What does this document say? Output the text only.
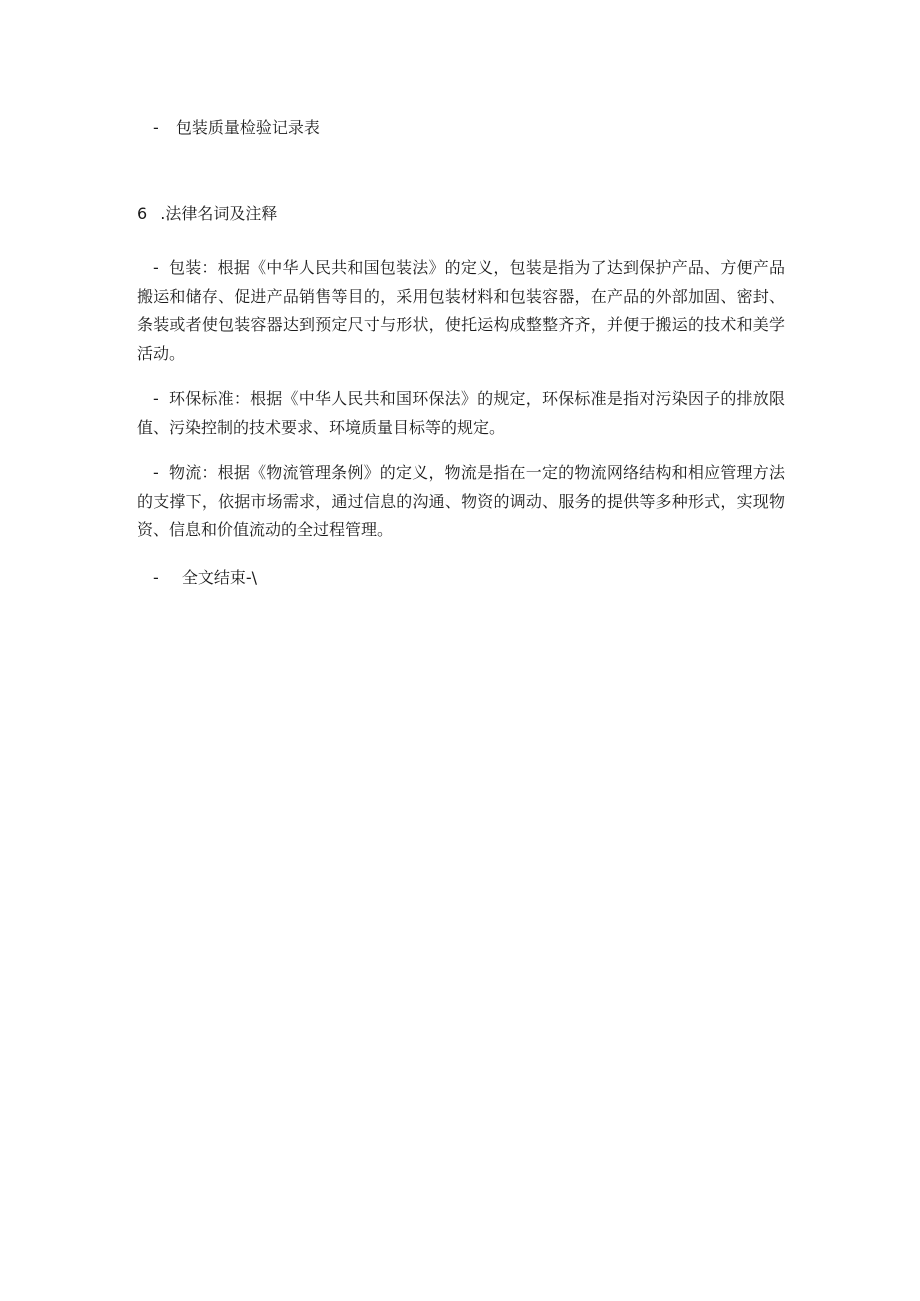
- 包装质量检验记录表
6 .法律名词及注释
- 包装：根据《中华人民共和国包装法》的定义，包装是指为了达到保护产品、方便产品搬运和储存、促进产品销售等目的，采用包装材料和包装容器，在产品的外部加固、密封、条装或者使包装容器达到预定尺寸与形状，使托运构成整整齐齐，并便于搬运的技术和美学活动。
- 环保标准：根据《中华人民共和国环保法》的规定，环保标准是指对污染因子的排放限值、污染控制的技术要求、环境质量目标等的规定。
- 物流：根据《物流管理条例》的定义，物流是指在一定的物流网络结构和相应管理方法的支撑下，依据市场需求，通过信息的沟通、物资的调动、服务的提供等多种形式，实现物资、信息和价值流动的全过程管理。
- 全文结束-\
